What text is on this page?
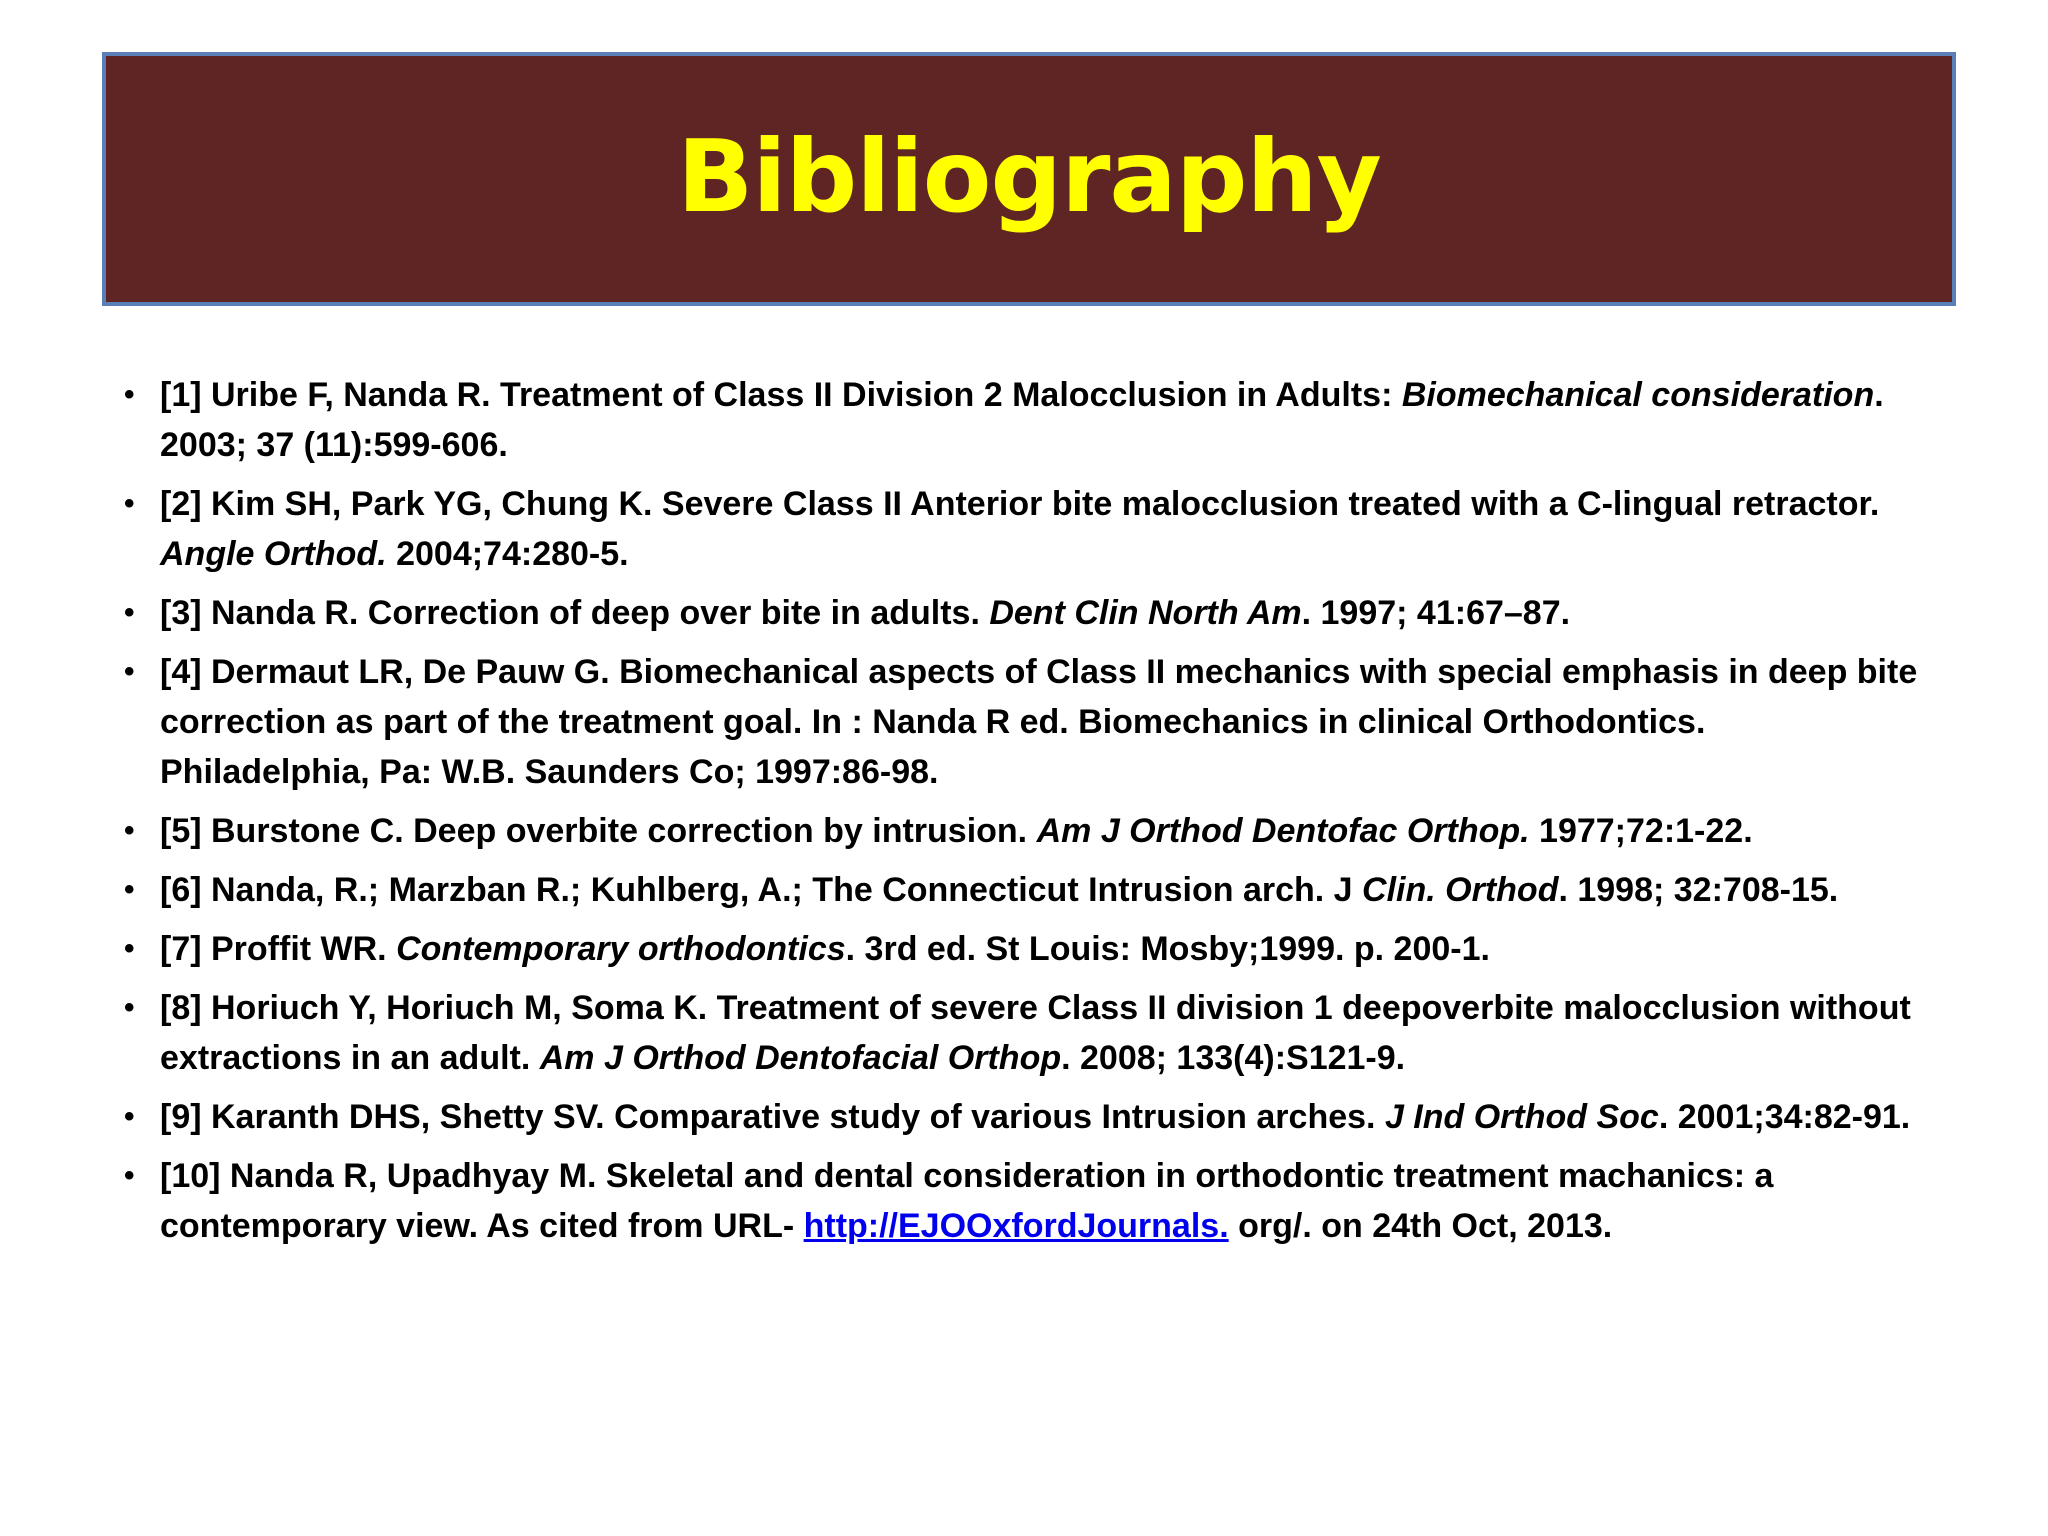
Bibliography
• [1] Uribe F, Nanda R. Treatment of Class II Division 2 Malocclusion in Adults: Biomechanical consideration. 2003; 37 (11):599-606.
• [2] Kim SH, Park YG, Chung K. Severe Class II Anterior bite malocclusion treated with a C-lingual retractor. Angle Orthod. 2004;74:280-5.
• [3] Nanda R. Correction of deep over bite in adults. Dent Clin North Am. 1997; 41:67–87.
• [4] Dermaut LR, De Pauw G. Biomechanical aspects of Class II mechanics with special emphasis in deep bite correction as part of the treatment goal. In : Nanda R ed. Biomechanics in clinical Orthodontics. Philadelphia, Pa: W.B. Saunders Co; 1997:86-98.
• [5] Burstone C. Deep overbite correction by intrusion. Am J Orthod Dentofac Orthop. 1977;72:1-22.
• [6] Nanda, R.; Marzban R.; Kuhlberg, A.; The Connecticut Intrusion arch. J Clin. Orthod. 1998; 32:708-15.
• [7] Proffit WR. Contemporary orthodontics. 3rd ed. St Louis: Mosby;1999. p. 200-1.
• [8] Horiuch Y, Horiuch M, Soma K. Treatment of severe Class II division 1 deepoverbite malocclusion without extractions in an adult. Am J Orthod Dentofacial Orthop. 2008; 133(4):S121-9.
• [9] Karanth DHS, Shetty SV. Comparative study of various Intrusion arches. J Ind Orthod Soc. 2001;34:82-91.
• [10] Nanda R, Upadhyay M. Skeletal and dental consideration in orthodontic treatment machanics: a contemporary view. As cited from URL- http://EJOOxfordJournals. org/. on 24th Oct, 2013.
